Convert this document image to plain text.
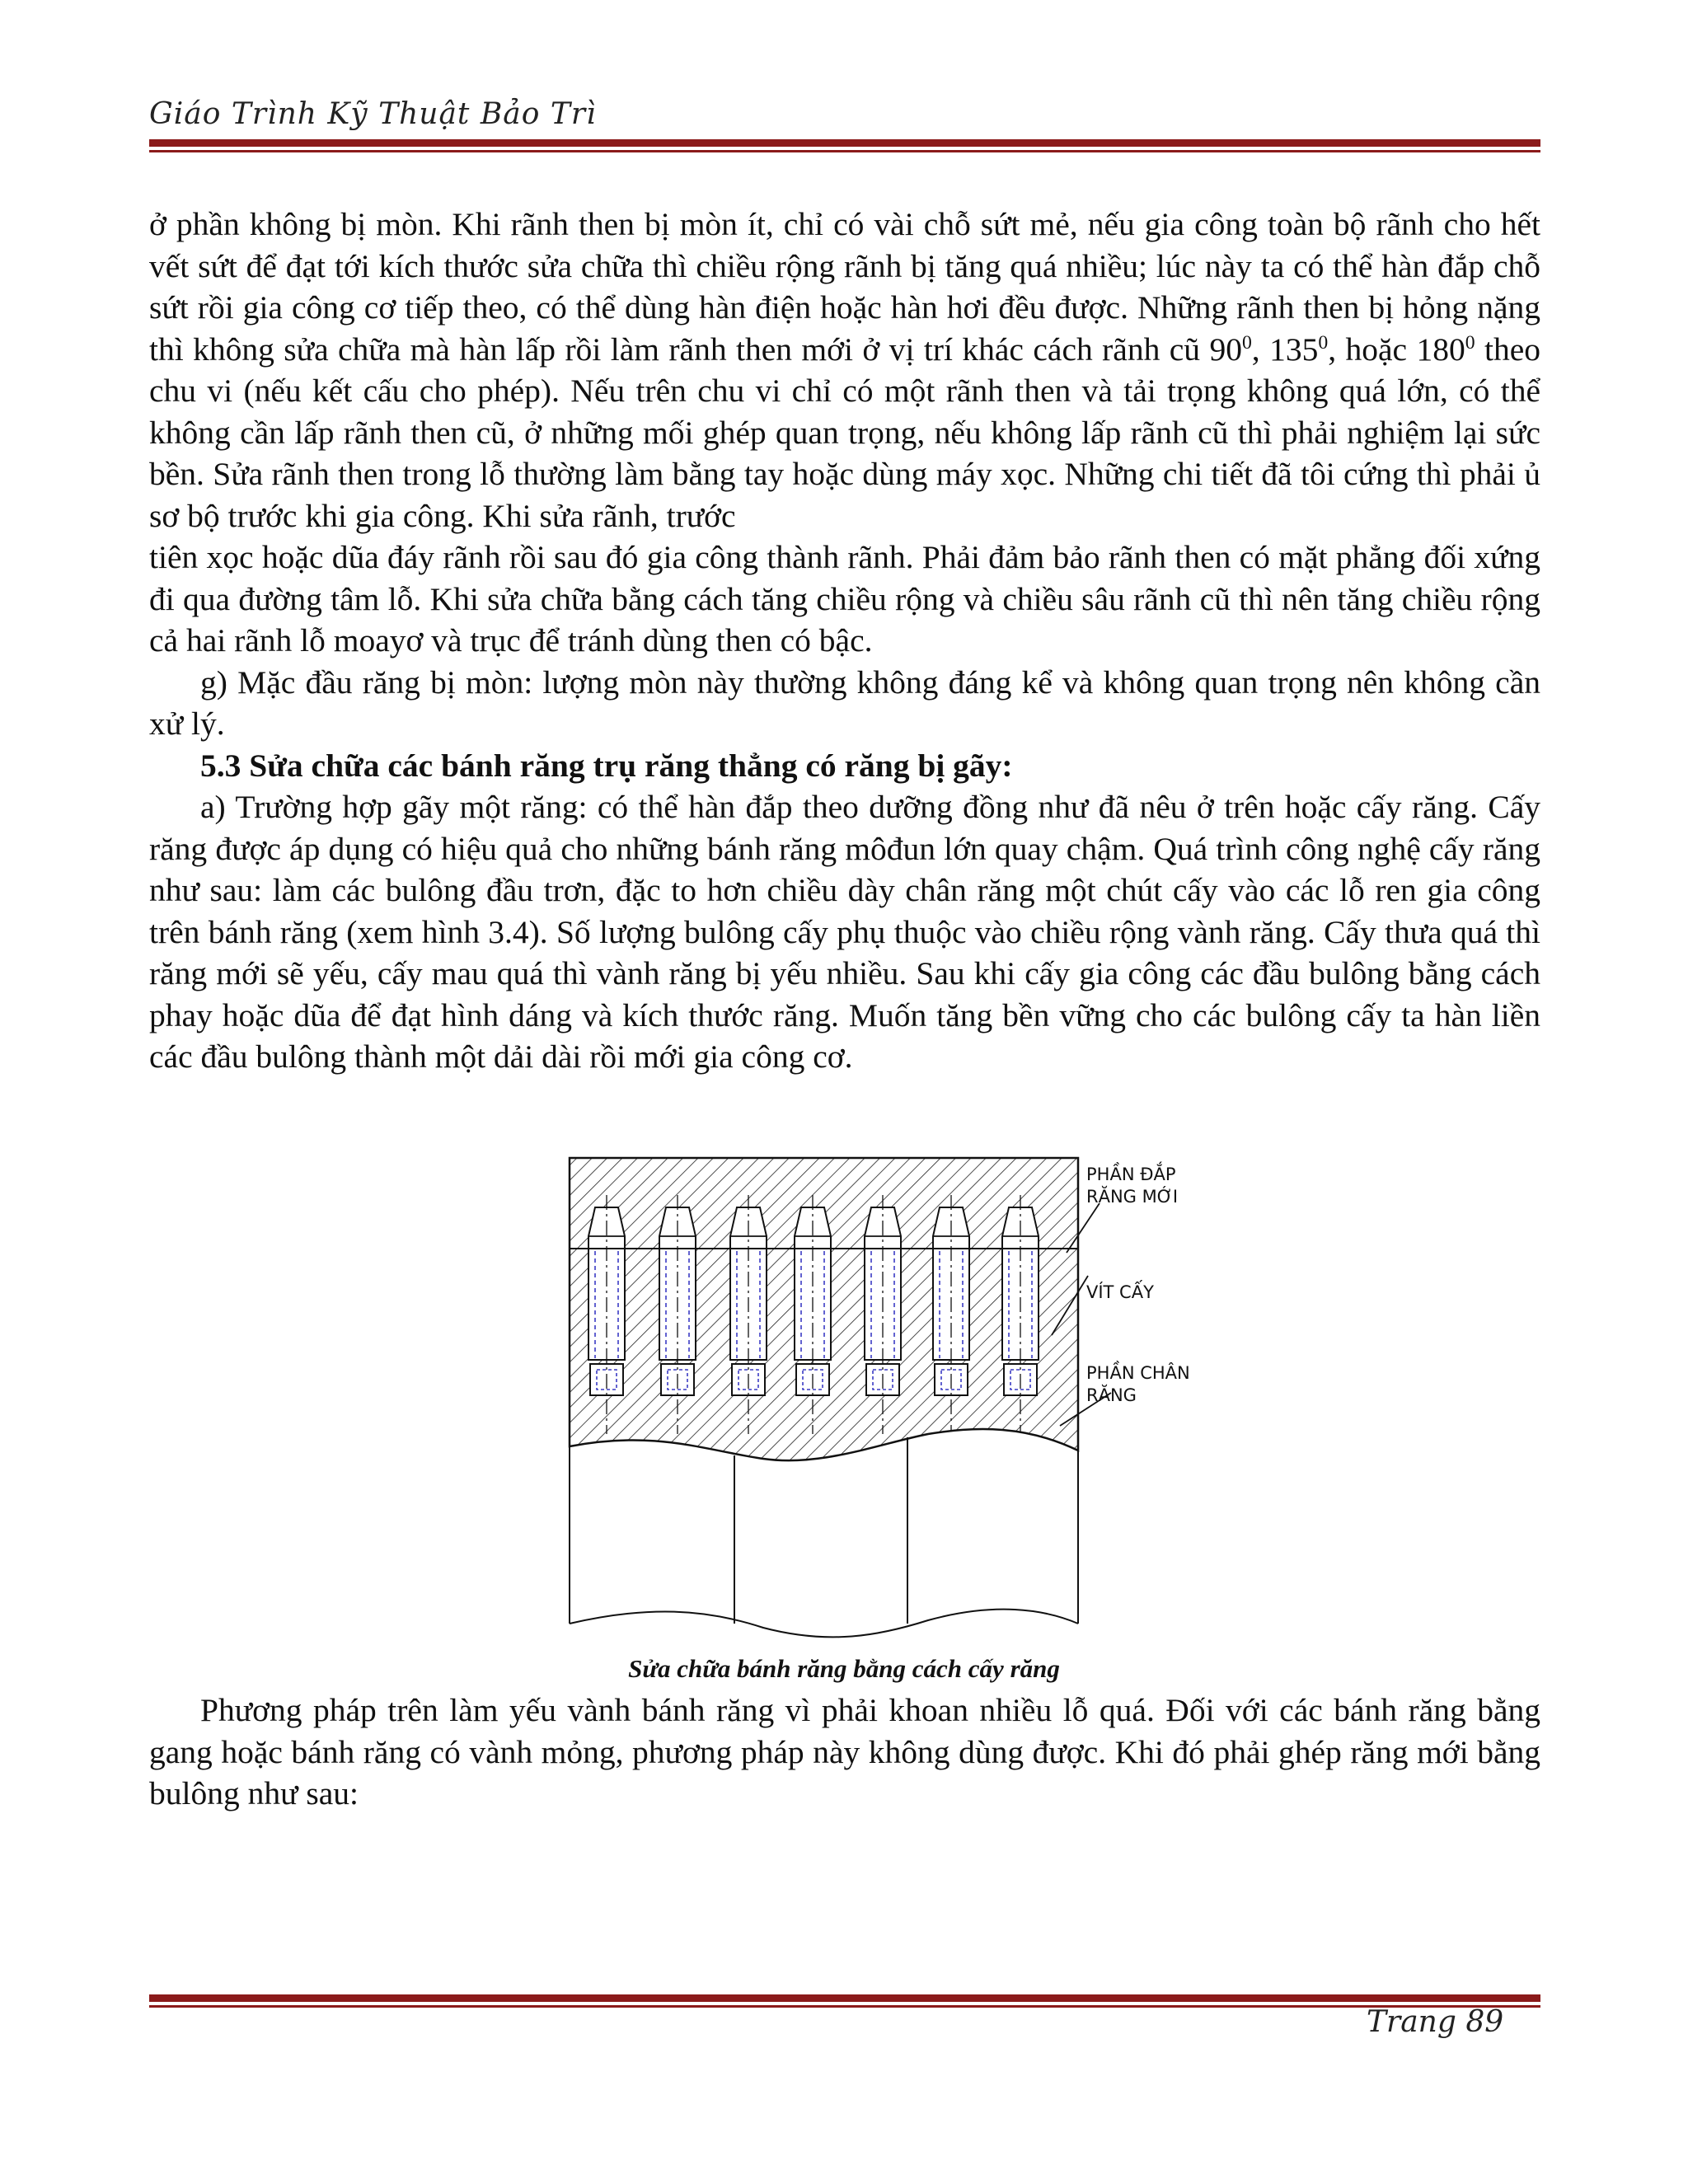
Giáo Trình Kỹ Thuật Bảo Trì

ở phần không bị mòn. Khi rãnh then bị mòn ít, chỉ có vài chỗ sứt mẻ, nếu gia công toàn bộ rãnh cho hết vết sứt để đạt tới kích thước sửa chữa thì chiều rộng rãnh bị tăng quá nhiều; lúc này ta có thể hàn đắp chỗ sứt rồi gia công cơ tiếp theo, có thể dùng hàn điện hoặc hàn hơi đều được. Những rãnh then bị hỏng nặng thì không sửa chữa mà hàn lấp rồi làm rãnh then mới ở vị trí khác cách rãnh cũ $90^0$, $135^0$, hoặc $180^0$ theo chu vi (nếu kết cấu cho phép). Nếu trên chu vi chỉ có một rãnh then và tải trọng không quá lớn, có thể không cần lấp rãnh then cũ, ở những mối ghép quan trọng, nếu không lấp rãnh cũ thì phải nghiệm lại sức bền. Sửa rãnh then trong lỗ thường làm bằng tay hoặc dùng máy xọc. Những chi tiết đã tôi cứng thì phải ủ sơ bộ trước khi gia công. Khi sửa rãnh, trước

tiên xọc hoặc dũa đáy rãnh rồi sau đó gia công thành rãnh. Phải đảm bảo rãnh then có mặt phẳng đối xứng đi qua đường tâm lỗ. Khi sửa chữa bằng cách tăng chiều rộng và chiều sâu rãnh cũ thì nên tăng chiều rộng cả hai rãnh lỗ moayơ và trục để tránh dùng then có bậc.

g) Mặc đầu răng bị mòn: lượng mòn này thường không đáng kể và không quan trọng nên không cần xử lý.

5.3 Sửa chữa các bánh răng trụ răng thẳng có răng bị gãy:

a) Trường hợp gãy một răng: có thể hàn đắp theo dưỡng đồng như đã nêu ở trên hoặc cấy răng. Cấy răng được áp dụng có hiệu quả cho những bánh răng môđun lớn quay chậm. Quá trình công nghệ cấy răng như sau: làm các bulông đầu trơn, đặc to hơn chiều dày chân răng một chút cấy vào các lỗ ren gia công trên bánh răng (xem hình 3.4). Số lượng bulông cấy phụ thuộc vào chiều rộng vành răng. Cấy thưa quá thì răng mới sẽ yếu, cấy mau quá thì vành răng bị yếu nhiều. Sau khi cấy gia công các đầu bulông bằng cách phay hoặc dũa để đạt hình dáng và kích thước răng. Muốn tăng bền vững cho các bulông cấy ta hàn liền các đầu bulông thành một dải dài rồi mới gia công cơ.

PHẦN ĐẮP
RĂNG MỚI
VÍT CẤY
PHẦN CHÂN
RĂNG
Sửa chữa bánh răng bằng cách cấy răng

Phương pháp trên làm yếu vành bánh răng vì phải khoan nhiều lỗ quá. Đối với các bánh răng bằng gang hoặc bánh răng có vành mỏng, phương pháp này không dùng được. Khi đó phải ghép răng mới bằng bulông như sau:

Trang 89
